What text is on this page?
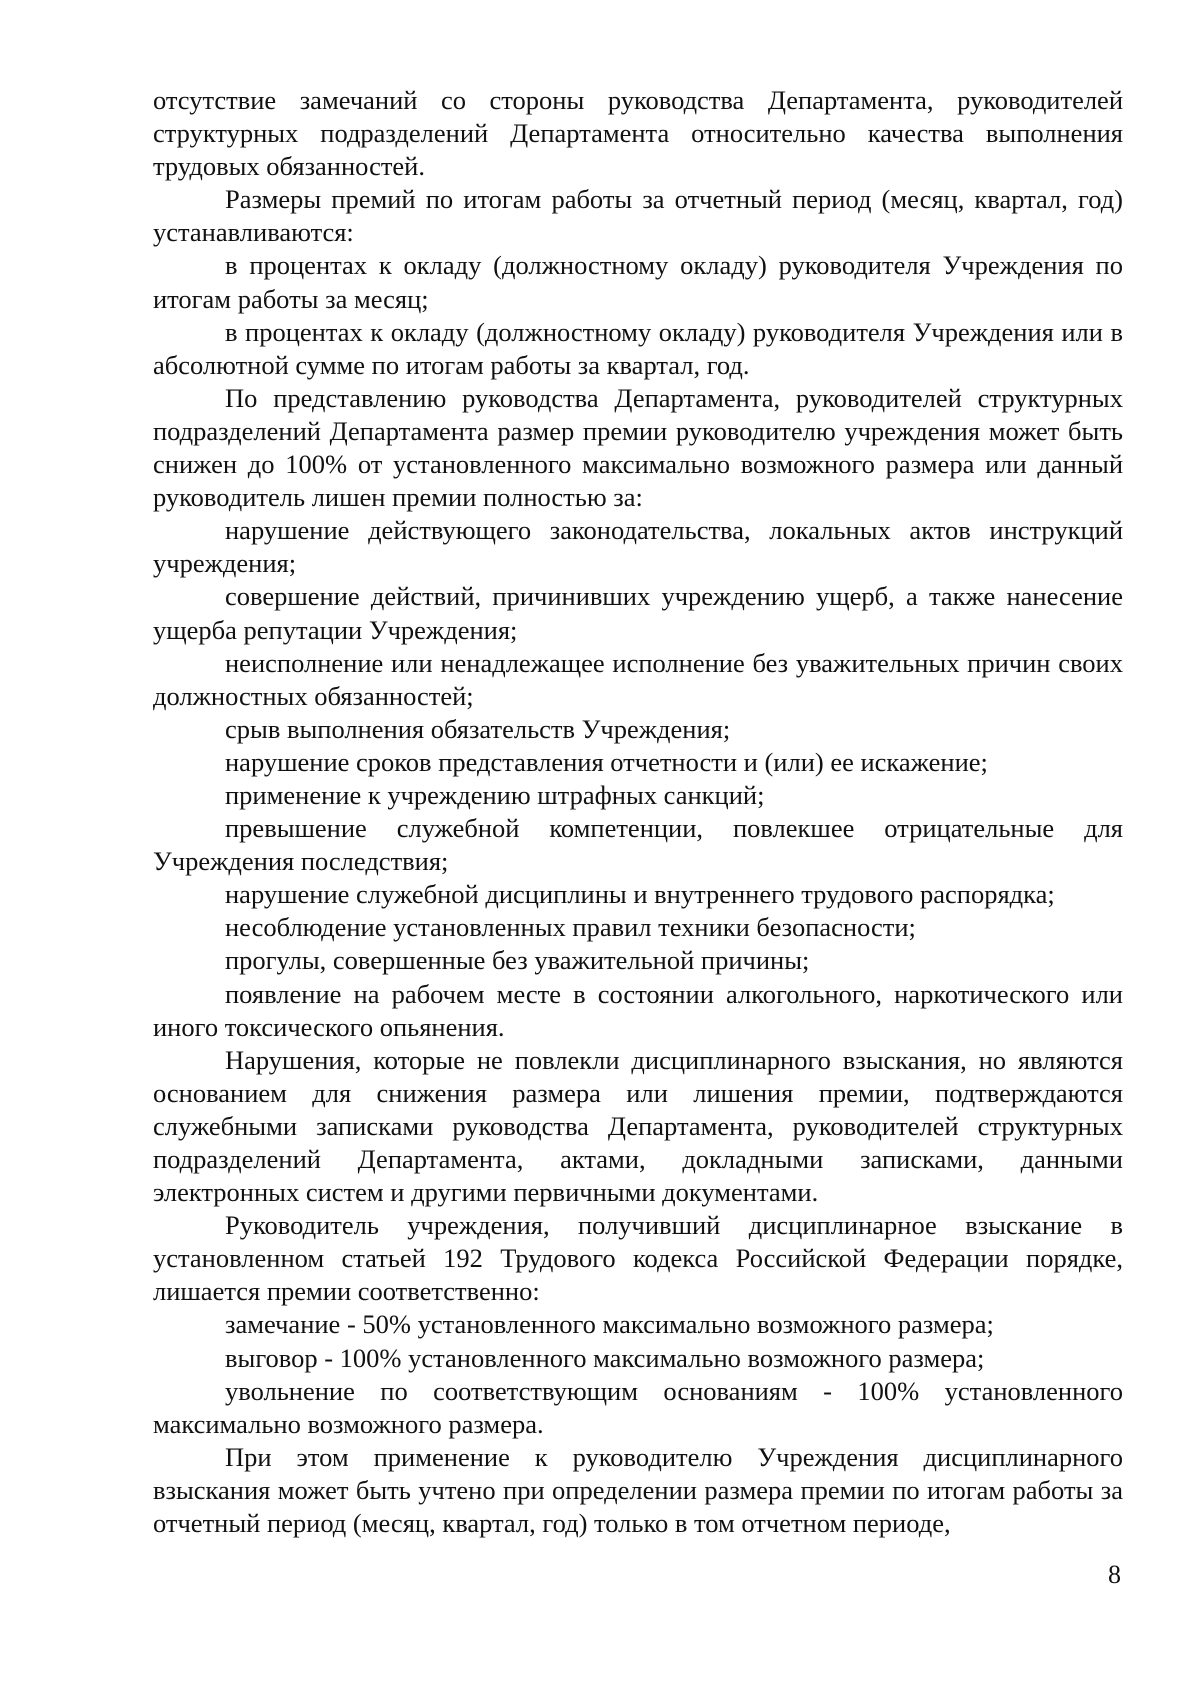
отсутствие замечаний со стороны руководства Департамента, руководителей структурных подразделений Департамента относительно качества выполнения трудовых обязанностей.

Размеры премий по итогам работы за отчетный период (месяц, квартал, год) устанавливаются:

в процентах к окладу (должностному окладу) руководителя Учреждения по итогам работы за месяц;

в процентах к окладу (должностному окладу) руководителя Учреждения или в абсолютной сумме по итогам работы за квартал, год.

По представлению руководства Департамента, руководителей структурных подразделений Департамента размер премии руководителю учреждения может быть снижен до 100% от установленного максимально возможного размера или данный руководитель лишен премии полностью за:

нарушение действующего законодательства, локальных актов инструкций учреждения;

совершение действий, причинивших учреждению ущерб, а также нанесение ущерба репутации Учреждения;

неисполнение или ненадлежащее исполнение без уважительных причин своих должностных обязанностей;

срыв выполнения обязательств Учреждения;

нарушение сроков представления отчетности и (или) ее искажение;

применение к учреждению штрафных санкций;

превышение служебной компетенции, повлекшее отрицательные для Учреждения последствия;

нарушение служебной дисциплины и внутреннего трудового распорядка;

несоблюдение установленных правил техники безопасности;

прогулы, совершенные без уважительной причины;

появление на рабочем месте в состоянии алкогольного, наркотического или иного токсического опьянения.

Нарушения, которые не повлекли дисциплинарного взыскания, но являются основанием для снижения размера или лишения премии, подтверждаются служебными записками руководства Департамента, руководителей структурных подразделений Департамента, актами, докладными записками, данными электронных систем и другими первичными документами.

Руководитель учреждения, получивший дисциплинарное взыскание в установленном статьей 192 Трудового кодекса Российской Федерации порядке, лишается премии соответственно:

замечание - 50% установленного максимально возможного размера;

выговор - 100% установленного максимально возможного размера;

увольнение по соответствующим основаниям - 100% установленного максимально возможного размера.

При этом применение к руководителю Учреждения дисциплинарного взыскания может быть учтено при определении размера премии по итогам работы за отчетный период (месяц, квартал, год) только в том отчетном периоде,

8
